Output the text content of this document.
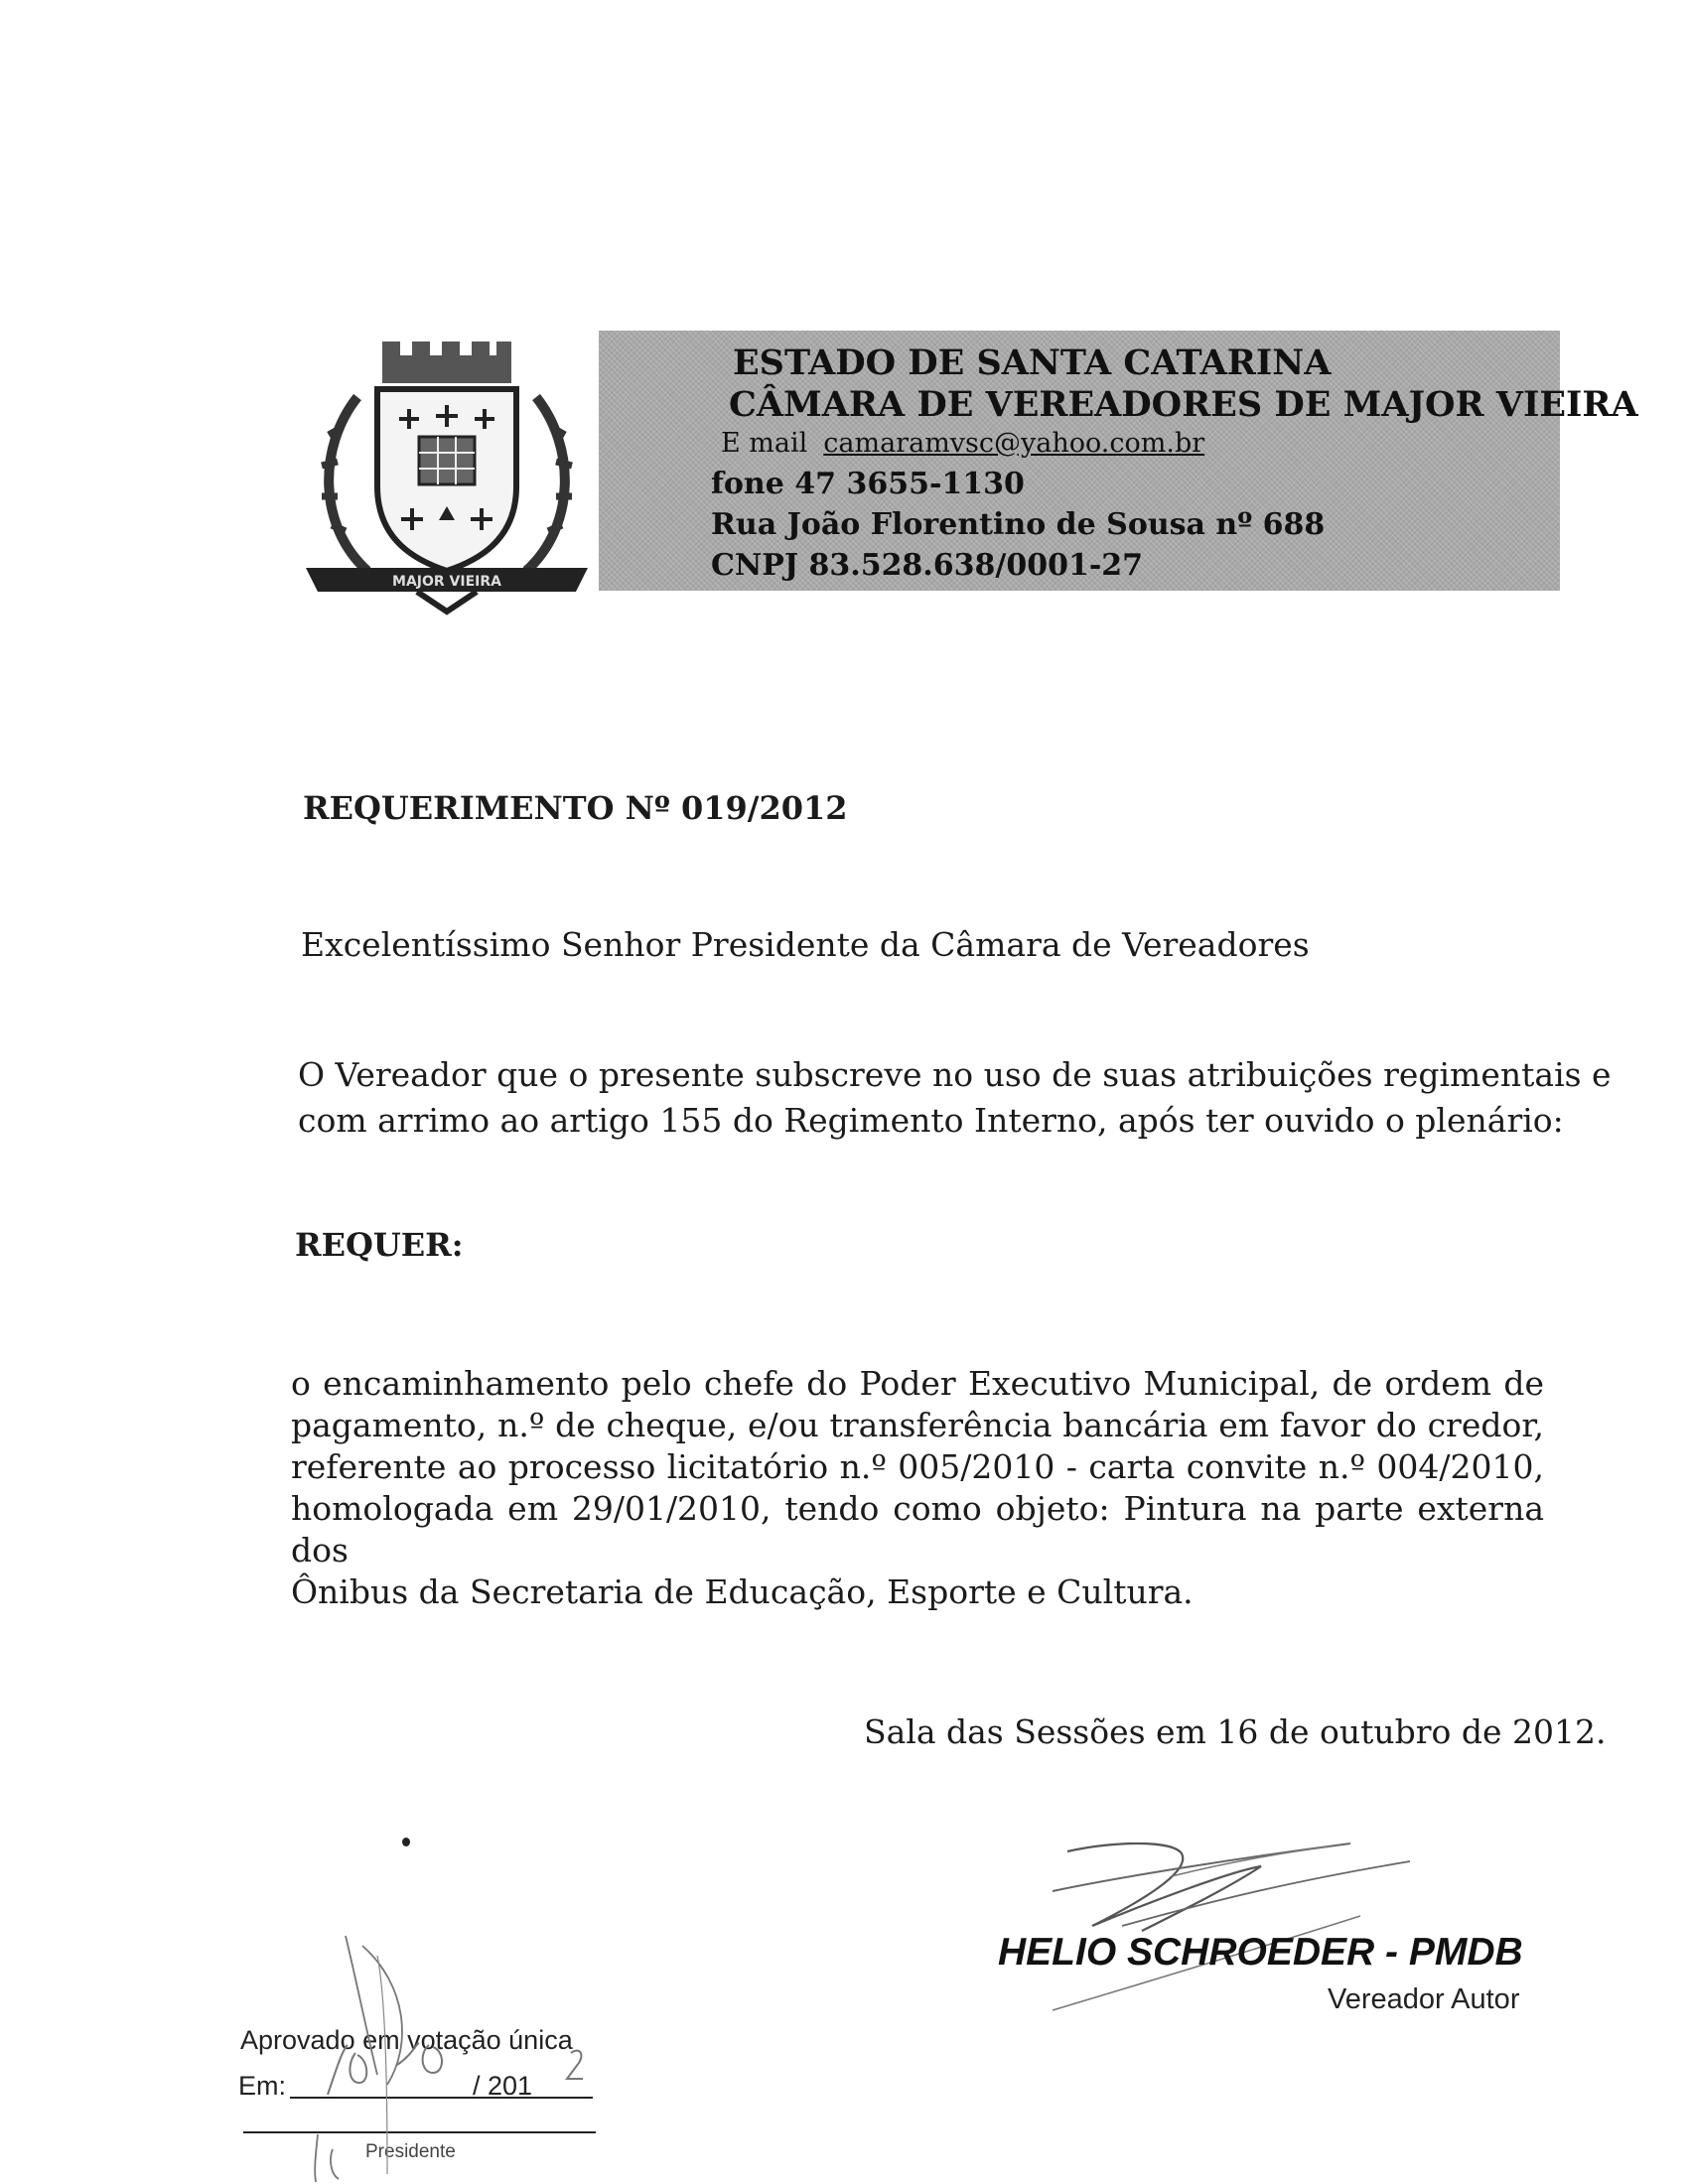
MAJOR VIEIRA
ESTADO DE SANTA CATARINA
CÂMARA DE VEREADORES DE MAJOR VIEIRA
E mail camaramvsc@yahoo.com.br
fone 47 3655-1130
Rua João Florentino de Sousa nº 688
CNPJ 83.528.638/0001-27
REQUERIMENTO Nº 019/2012
Excelentíssimo Senhor Presidente da Câmara de Vereadores
O Vereador que o presente subscreve no uso de suas atribuições regimentais e
com arrimo ao artigo 155 do Regimento Interno, após ter ouvido o plenário:
REQUER:
o encaminhamento pelo chefe do Poder Executivo Municipal, de ordem de
pagamento, n.º de cheque, e/ou transferência bancária em favor do credor,
referente ao processo licitatório n.º 005/2010 - carta convite n.º 004/2010,
homologada em 29/01/2010, tendo como objeto: Pintura na parte externa dos
Ônibus da Secretaria de Educação, Esporte e Cultura.
Sala das Sessões em 16 de outubro de 2012.
HELIO SCHROEDER - PMDB
Vereador Autor
Aprovado em votação única
Em:	/ 201
Presidente
